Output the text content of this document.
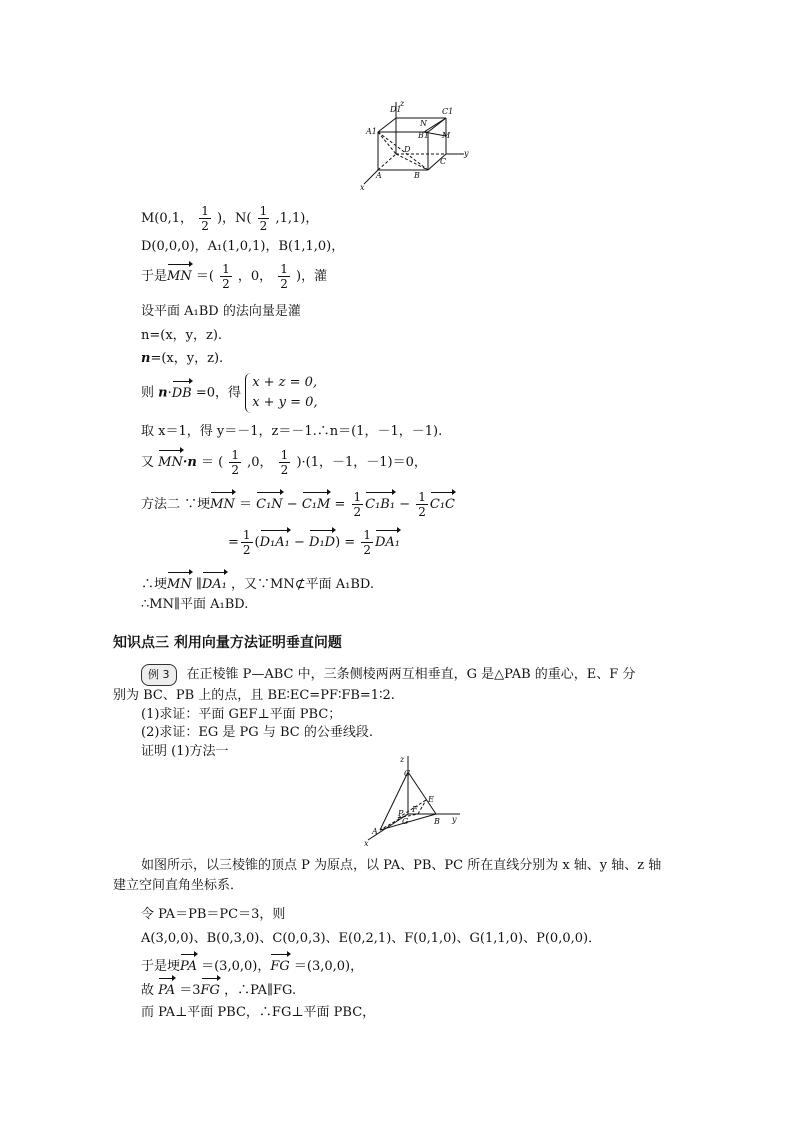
D1
z
C1
A1
N
B1 M
D	y
A	B
C
x
M(0,1， $\frac{1}{2}$ )，$N( \frac{1}{2} ,1,1)$，
D(0,0,0)，A₁(1,0,1)，B(1,1,0)，
于是MN ＝( $\frac{1}{2}$ ，0， $\frac{1}{2}$ )，灌
设平面 A₁BD 的法向量是灌
n=(x，y，z).
n=(x，y，z).
则 n·DB =0，得
x + z = 0,
x + y = 0,
取 x＝1，得 y＝－1，z＝－1.∴n＝(1，－1，－1).
又 MN·n ＝ ( $\frac{1}{2} ,0$， $\frac{1}{2} )\cdot(1$，－1，－1)＝0，
方法二 ∵埂MN ＝ $C_1N - C_1M = \frac{1}{2} C_1B_1 - \frac{1}{2} C_1C$
= $\frac{1}{2} (D_1A_1 - D_1D) = \frac{1}{2} DA_1$
∴埂MN ∥DA₁ ，又∵MN⊄平面 A₁BD.
∴MN∥平面 A₁BD.
知识点三 利用向量方法证明垂直问题
例 3 在正棱锥 P—ABC 中，三条侧棱两两互相垂直，G 是△PAB 的重心，E、F 分
别为 BC、PB 上的点，且 BE∶EC=PF∶FB=1∶2.
(1)求证：平面 GEF⊥平面 PBC；
(2)求证：EG 是 PG 与 BC 的公垂线段.
证明 (1)方法一
z
C
E
P F
G	B y
A
x
如图所示，以三棱锥的顶点 P 为原点，以 PA、PB、PC 所在直线分别为 x 轴、y 轴、z 轴
建立空间直角坐标系．
令 PA＝PB＝PC＝3，则
A(3,0,0)、B(0,3,0)、C(0,0,3)、E(0,2,1)、F(0,1,0)、G(1,1,0)、P(0,0,0)．
于是埂PA ＝(3,0,0)，FG ＝(3,0,0)，
故 PA ＝3FG ，∴PA∥FG.
而 PA⊥平面 PBC，∴FG⊥平面 PBC，
